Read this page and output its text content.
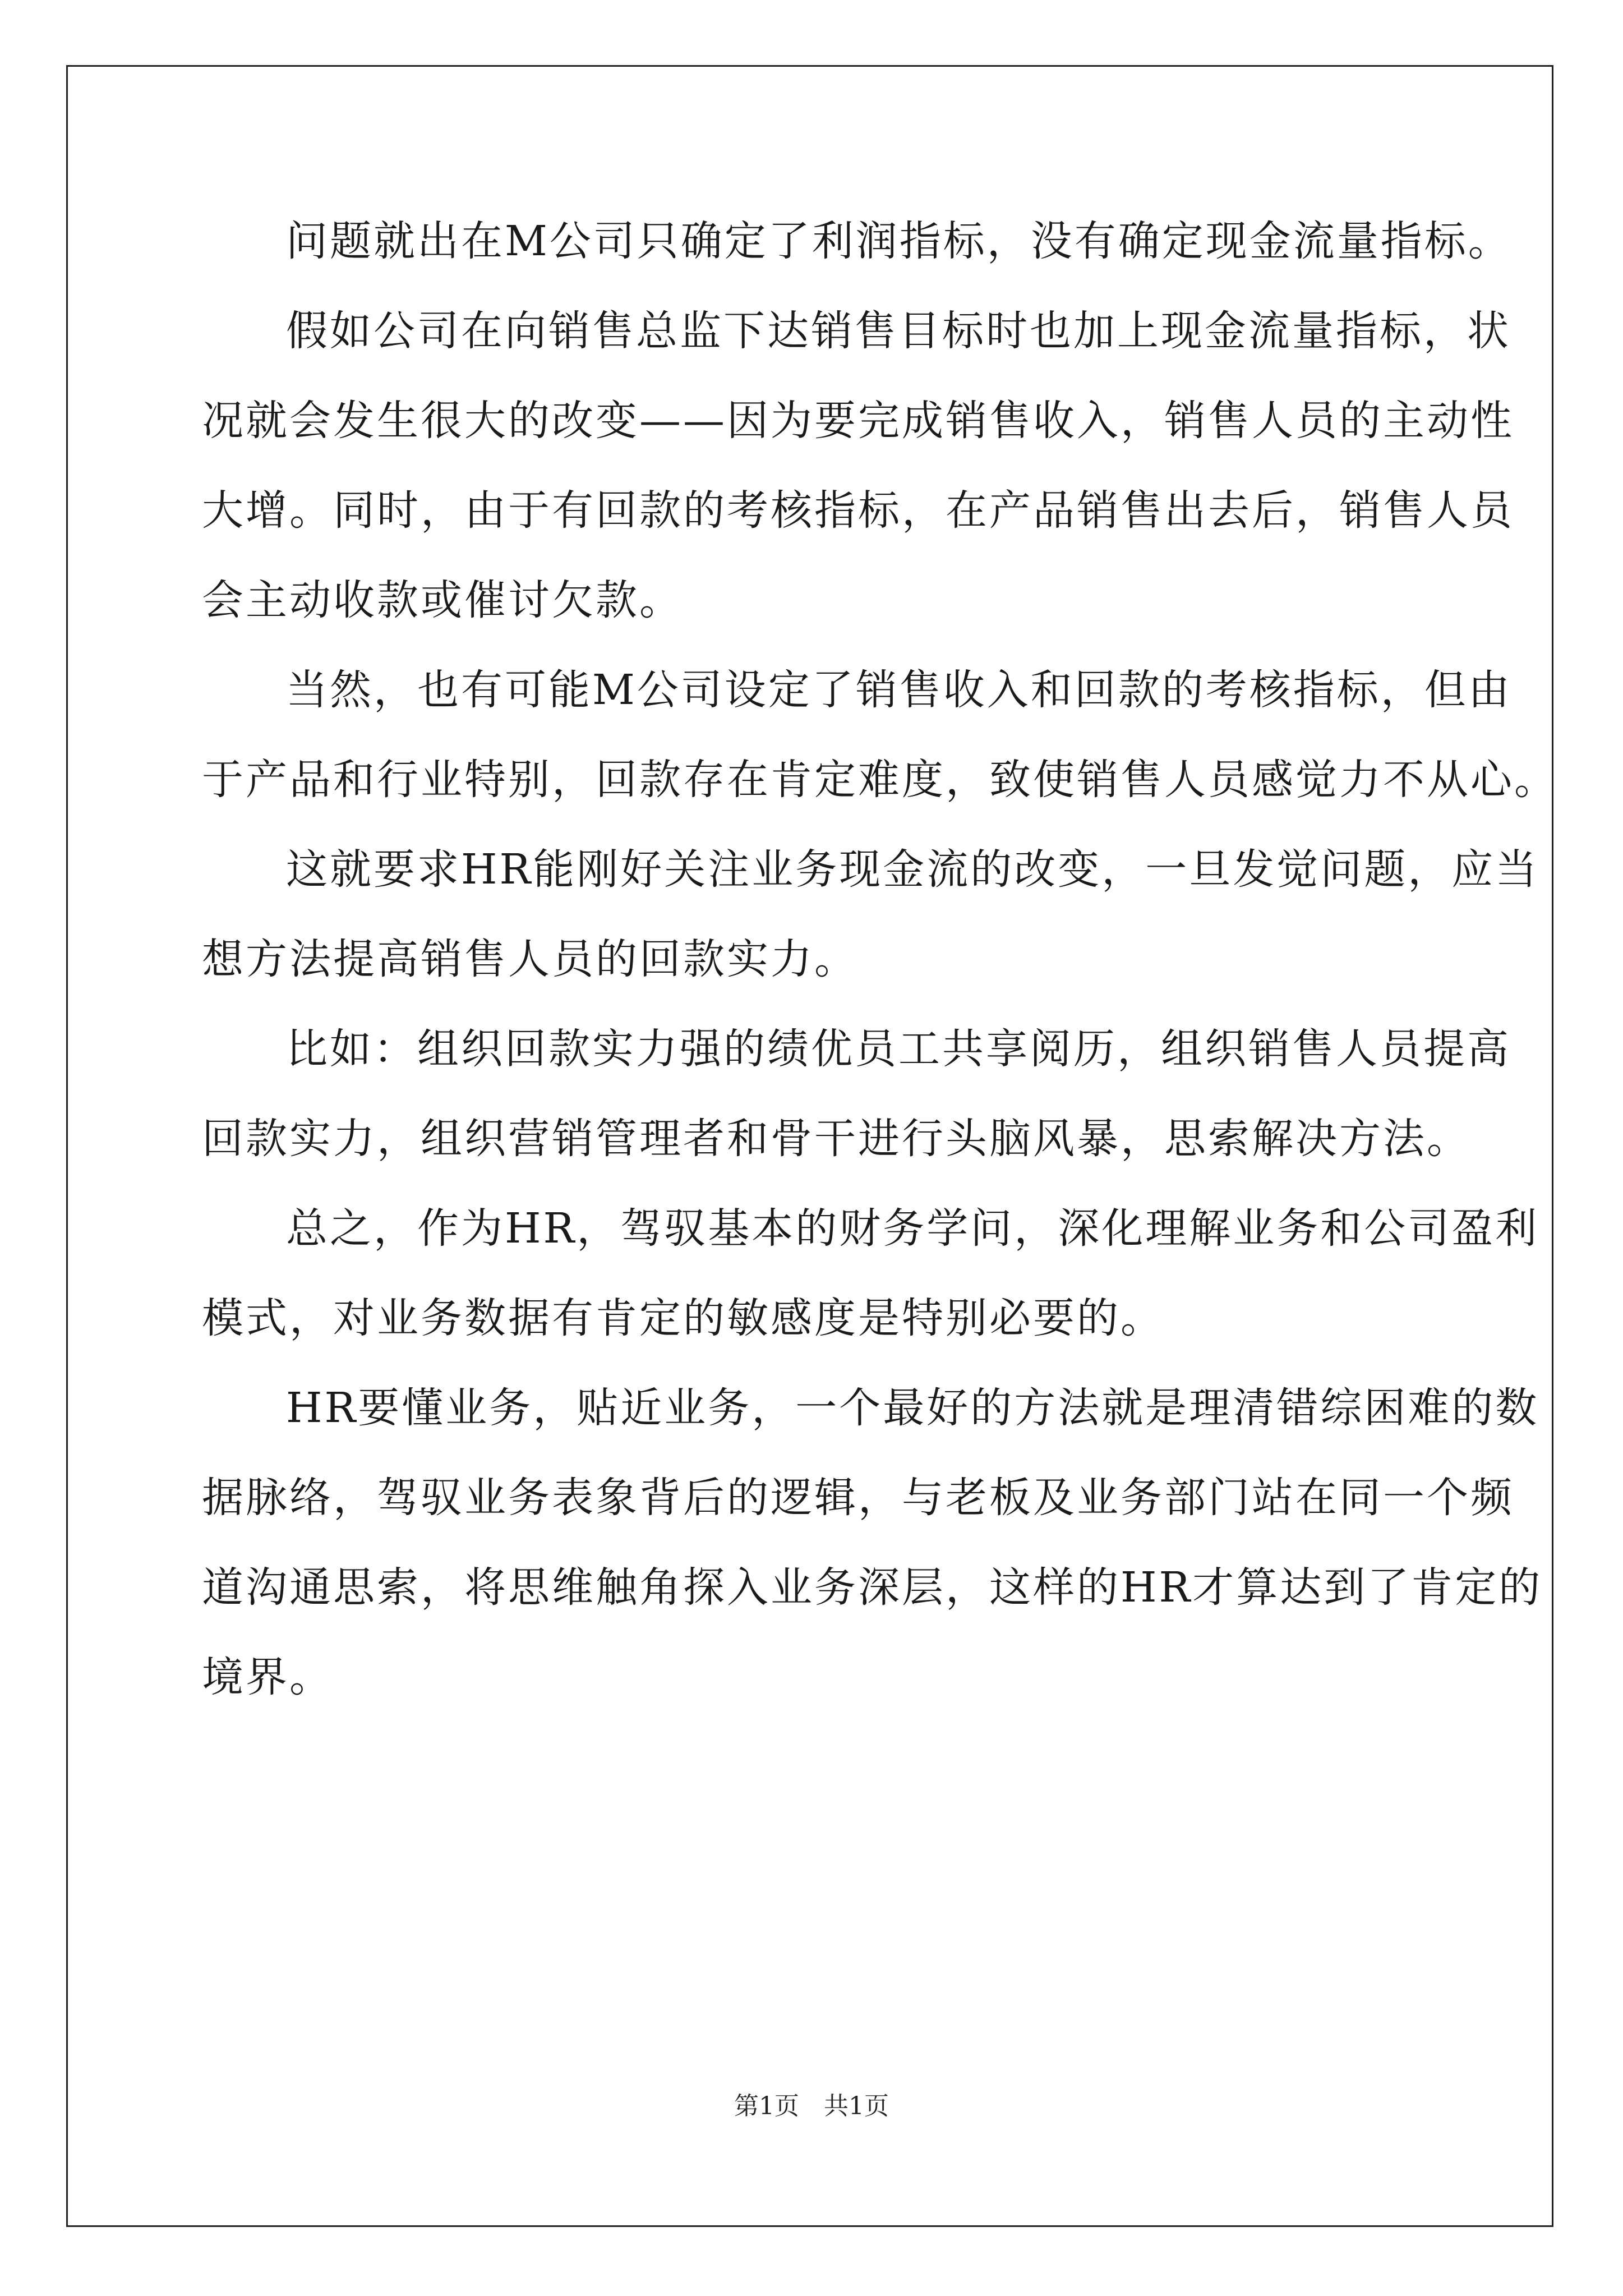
问题就出在M公司只确定了利润指标，没有确定现金流量指标。
假如公司在向销售总监下达销售目标时也加上现金流量指标，状
况就会发生很大的改变——因为要完成销售收入，销售人员的主动性
大增。同时，由于有回款的考核指标，在产品销售出去后，销售人员
会主动收款或催讨欠款。
当然，也有可能M公司设定了销售收入和回款的考核指标，但由
于产品和行业特别，回款存在肯定难度，致使销售人员感觉力不从心。
这就要求HR能刚好关注业务现金流的改变，一旦发觉问题，应当
想方法提高销售人员的回款实力。
比如：组织回款实力强的绩优员工共享阅历，组织销售人员提高
回款实力，组织营销管理者和骨干进行头脑风暴，思索解决方法。
总之，作为HR，驾驭基本的财务学问，深化理解业务和公司盈利
模式，对业务数据有肯定的敏感度是特别必要的。
HR要懂业务，贴近业务，一个最好的方法就是理清错综困难的数
据脉络，驾驭业务表象背后的逻辑，与老板及业务部门站在同一个频
道沟通思索，将思维触角探入业务深层，这样的HR才算达到了肯定的
境界。
第1页　共1页
